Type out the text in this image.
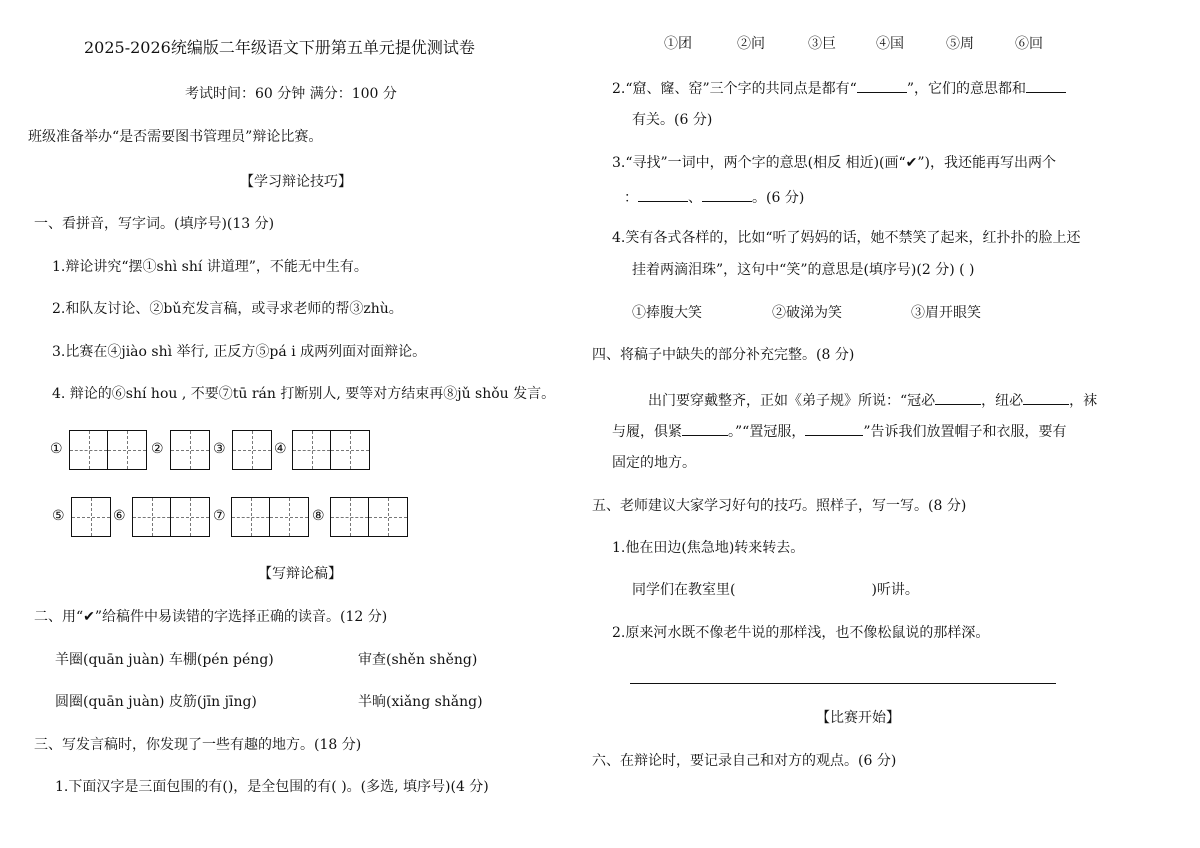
2025-2026统编版二年级语文下册第五单元提优测试卷
考试时间：60 分钟 满分：100 分
班级准备举办“是否需要图书管理员”辩论比赛。
【学习辩论技巧】
一、看拼音，写字词。(填序号)(13 分)
1.辩论讲究“摆①shì shí 讲道理”，不能无中生有。
2.和队友讨论、②bǔ充发言稿，或寻求老师的帮③zhù。
3.比赛在④jiào shì 举行, 正反方⑤pá i 成两列面对面辩论。
4. 辩论的⑥shí hou , 不要⑦tū rán 打断别人, 要等对方结束再⑧jǔ shǒu 发言。
①	②	③	④
⑤	⑥	⑦	⑧
【写辩论稿】
二、用“✔”给稿件中易读错的字选择正确的读音。(12 分)
羊圈(quān juàn) 车棚(pén péng)	审查(shěn shěng)
圆圈(quān juàn) 皮筋(jīn jīng)	半晌(xiǎng shǎng)
三、写发言稿时，你发现了一些有趣的地方。(18 分)
1.下面汉字是三面包围的有()，是全包围的有( )。(多选, 填序号)(4 分)
①团	②问	③巨	④国	⑤周	⑥回
2.“窟、窿、窑”三个字的共同点是都有“	”，它们的意思都和
有关。(6 分)
3.“寻找”一词中，两个字的意思(相反 相近)(画“✔”)，我还能再写出两个
：	、	。(6 分)
4.笑有各式各样的，比如“听了妈妈的话，她不禁笑了起来，红扑扑的脸上还
挂着两滴泪珠”，这句中“笑”的意思是(填序号)(2 分) ( )
①捧腹大笑	②破涕为笑	③眉开眼笑
四、将稿子中缺失的部分补充完整。(8 分)
出门要穿戴整齐，正如《弟子规》所说：“冠必	，纽必	，袜
与履，俱紧	。”“置冠服，	”告诉我们放置帽子和衣服，要有
固定的地方。
五、老师建议大家学习好句的技巧。照样子，写一写。(8 分)
1.他在田边(焦急地)转来转去。
同学们在教室里(	)听讲。
2.原来河水既不像老牛说的那样浅，也不像松鼠说的那样深。
【比赛开始】
六、在辩论时，要记录自己和对方的观点。(6 分)
